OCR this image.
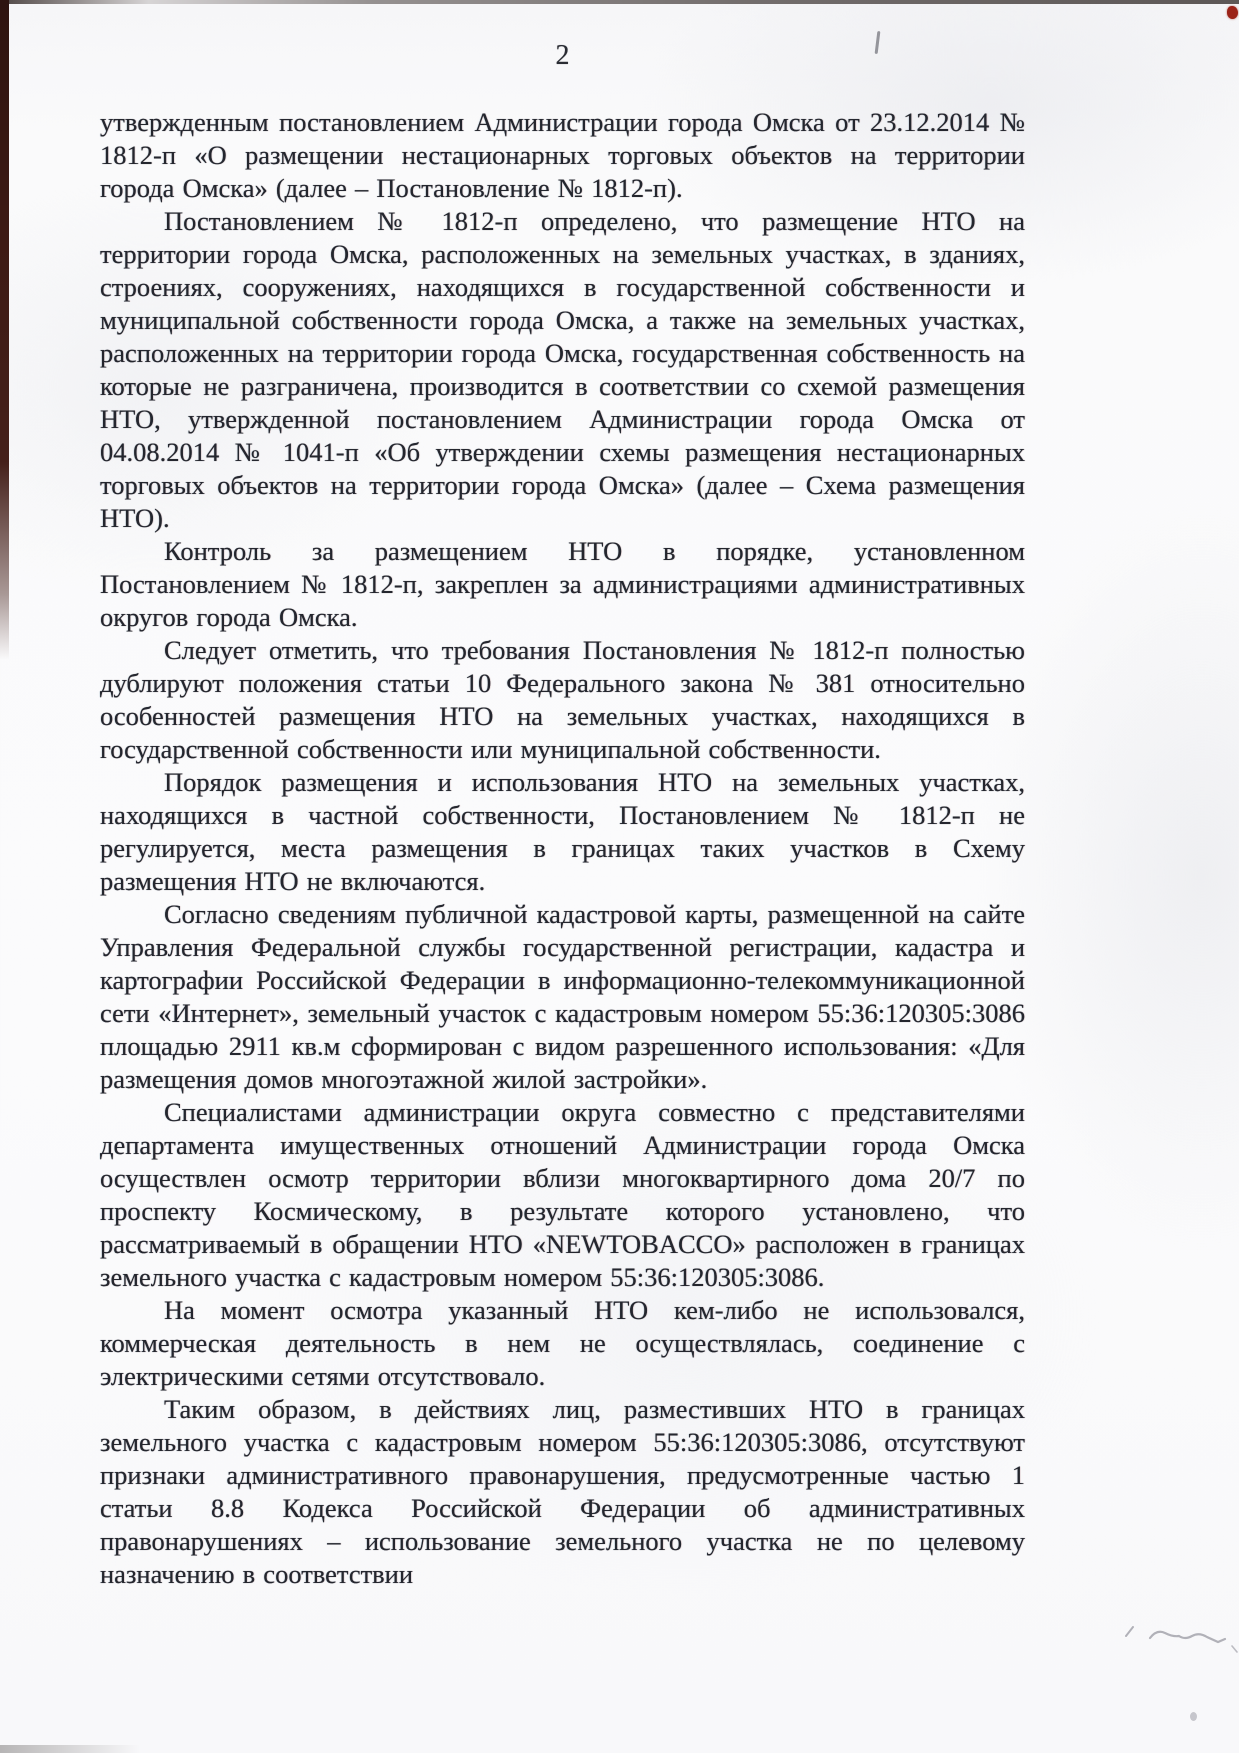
2

утвержденным постановлением Администрации города Омска от 23.12.2014 № 1812-п «О размещении нестационарных торговых объектов на территории города Омска» (далее – Постановление № 1812-п).

Постановлением № 1812-п определено, что размещение НТО на территории города Омска, расположенных на земельных участках, в зданиях, строениях, сооружениях, находящихся в государственной собственности и муниципальной собственности города Омска, а также на земельных участках, расположенных на территории города Омска, государственная собственность на которые не разграничена, производится в соответствии со схемой размещения НТО, утвержденной постановлением Администрации города Омска от 04.08.2014 № 1041-п «Об утверждении схемы размещения нестационарных торговых объектов на территории города Омска» (далее – Схема размещения НТО).

Контроль за размещением НТО в порядке, установленном Постановлением № 1812-п, закреплен за администрациями административных округов города Омска.

Следует отметить, что требования Постановления № 1812-п полностью дублируют положения статьи 10 Федерального закона № 381 относительно особенностей размещения НТО на земельных участках, находящихся в государственной собственности или муниципальной собственности.

Порядок размещения и использования НТО на земельных участках, находящихся в частной собственности, Постановлением № 1812-п не регулируется, места размещения в границах таких участков в Схему размещения НТО не включаются.

Согласно сведениям публичной кадастровой карты, размещенной на сайте Управления Федеральной службы государственной регистрации, кадастра и картографии Российской Федерации в информационно-телекоммуникационной сети «Интернет», земельный участок с кадастровым номером 55:36:120305:3086 площадью 2911 кв.м сформирован с видом разрешенного использования: «Для размещения домов многоэтажной жилой застройки».

Специалистами администрации округа совместно с представителями департамента имущественных отношений Администрации города Омска осуществлен осмотр территории вблизи многоквартирного дома 20/7 по проспекту Космическому, в результате которого установлено, что рассматриваемый в обращении НТО «NEWTOBACCO» расположен в границах земельного участка с кадастровым номером 55:36:120305:3086.

На момент осмотра указанный НТО кем-либо не использовался, коммерческая деятельность в нем не осуществлялась, соединение с электрическими сетями отсутствовало.

Таким образом, в действиях лиц, разместивших НТО в границах земельного участка с кадастровым номером 55:36:120305:3086, отсутствуют признаки административного правонарушения, предусмотренные частью 1 статьи 8.8 Кодекса Российской Федерации об административных правонарушениях – использование земельного участка не по целевому назначению в соответствии
